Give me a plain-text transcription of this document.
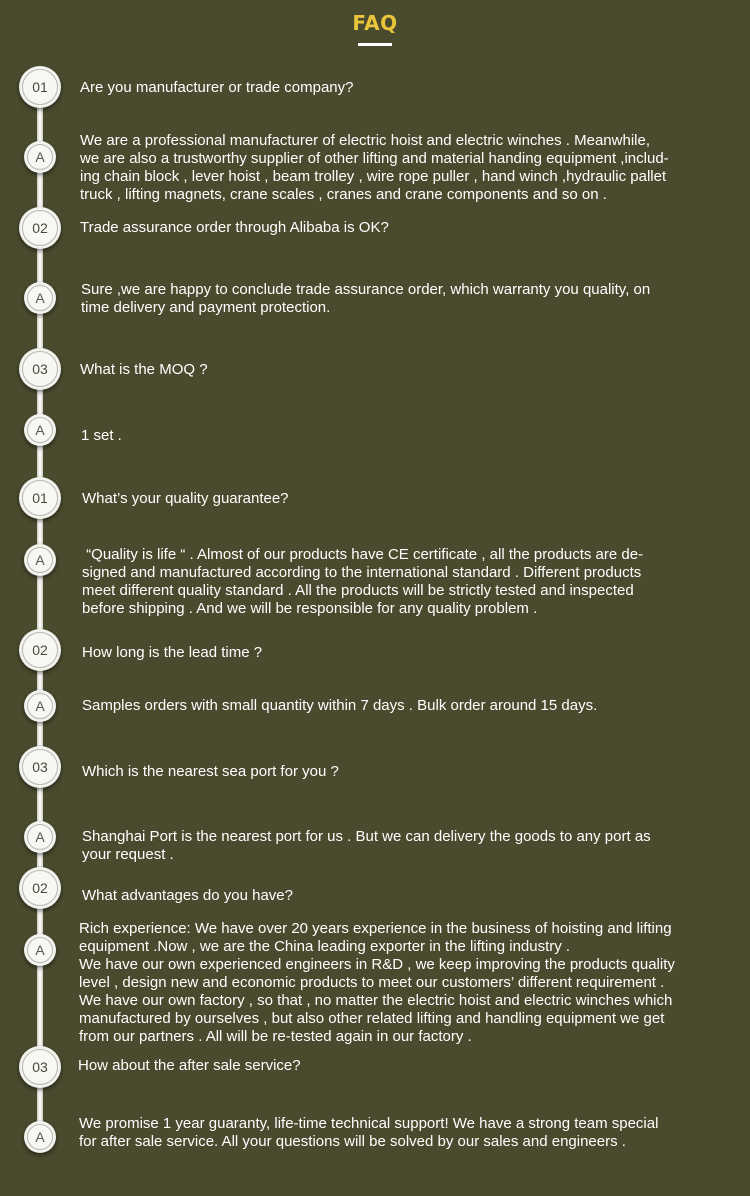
FAQ
01	Are you manufacturer or trade company?
A
We are a professional manufacturer of electric hoist and electric winches . Meanwhile,
we are also a trustworthy supplier of other lifting and material handing equipment ,includ-
ing chain block , lever hoist , beam trolley , wire rope puller , hand winch ,hydraulic pallet
truck , lifting magnets, crane scales , cranes and crane components and so on .
02	Trade assurance order through Alibaba is OK?
A	Sure ,we are happy to conclude trade assurance order, which warranty you quality, on
time delivery and payment protection.
03	What is the MOQ ?
A	1 set .
01	What’s your quality guarantee?
A	“Quality is life “ . Almost of our products have CE certificate , all the products are de-
signed and manufactured according to the international standard . Different products
meet different quality standard . All the products will be strictly tested and inspected
before shipping . And we will be responsible for any quality problem .
02	How long is the lead time ?
A	Samples orders with small quantity within 7 days . Bulk order around 15 days.
03	Which is the nearest sea port for you ?
A	Shanghai Port is the nearest port for us . But we can delivery the goods to any port as
your request .
02	What advantages do you have?
A
Rich experience: We have over 20 years experience in the business of hoisting and lifting
equipment .Now , we are the China leading exporter in the lifting industry .
We have our own experienced engineers in R&D , we keep improving the products quality
level , design new and economic products to meet our customers’ different requirement .
We have our own factory , so that , no matter the electric hoist and electric winches which
manufactured by ourselves , but also other related lifting and handling equipment we get
from our partners . All will be re-tested again in our factory .
03	How about the after sale service?
A
We promise 1 year guaranty, life-time technical support! We have a strong team special
for after sale service. All your questions will be solved by our sales and engineers .
